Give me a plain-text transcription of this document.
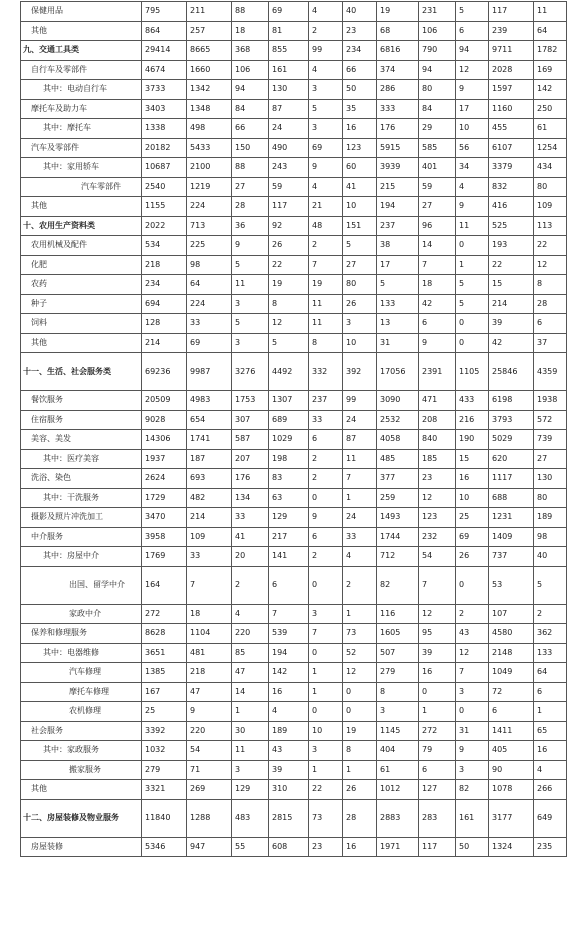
保健用品	795	211	88	69	4	40	19	231	5	117	11
其他	864	257	18	81	2	23	68	106	6	239	64
九、交通工具类	29414	8665	368	855	99	234	6816	790	94	9711	1782
自行车及零部件	4674	1660	106	161	4	66	374	94	12	2028	169
其中：电动自行车	3733	1342	94	130	3	50	286	80	9	1597	142
摩托车及助力车	3403	1348	84	87	5	35	333	84	17	1160	250
其中：摩托车	1338	498	66	24	3	16	176	29	10	455	61
汽车及零部件	20182	5433	150	490	69	123	5915	585	56	6107	1254
其中：家用轿车	10687	2100	88	243	9	60	3939	401	34	3379	434
汽车零部件	2540	1219	27	59	4	41	215	59	4	832	80
其他	1155	224	28	117	21	10	194	27	9	416	109
十、农用生产资料类	2022	713	36	92	48	151	237	96	11	525	113
农用机械及配件	534	225	9	26	2	5	38	14	0	193	22
化肥	218	98	5	22	7	27	17	7	1	22	12
农药	234	64	11	19	19	80	5	18	5	15	8
种子	694	224	3	8	11	26	133	42	5	214	28
饲料	128	33	5	12	11	3	13	6	0	39	6
其他	214	69	3	5	8	10	31	9	0	42	37
十一、生活、社会服务类	69236	9987	3276	4492	332	392	17056	2391	1105	25846	4359
餐饮服务	20509	4983	1753	1307	237	99	3090	471	433	6198	1938
住宿服务	9028	654	307	689	33	24	2532	208	216	3793	572
美容、美发	14306	1741	587	1029	6	87	4058	840	190	5029	739
其中：医疗美容	1937	187	207	198	2	11	485	185	15	620	27
洗浴、染色	2624	693	176	83	2	7	377	23	16	1117	130
其中：干洗服务	1729	482	134	63	0	1	259	12	10	688	80
摄影及照片冲洗加工	3470	214	33	129	9	24	1493	123	25	1231	189
中介服务	3958	109	41	217	6	33	1744	232	69	1409	98
其中：房屋中介	1769	33	20	141	2	4	712	54	26	737	40
出国、留学中介	164	7	2	6	0	2	82	7	0	53	5
家政中介	272	18	4	7	3	1	116	12	2	107	2
保养和修理服务	8628	1104	220	539	7	73	1605	95	43	4580	362
其中：电器维修	3651	481	85	194	0	52	507	39	12	2148	133
汽车修理	1385	218	47	142	1	12	279	16	7	1049	64
摩托车修理	167	47	14	16	1	0	8	0	3	72	6
农机修理	25	9	1	4	0	0	3	1	0	6	1
社会服务	3392	220	30	189	10	19	1145	272	31	1411	65
其中：家政服务	1032	54	11	43	3	8	404	79	9	405	16
搬家服务	279	71	3	39	1	1	61	6	3	90	4
其他	3321	269	129	310	22	26	1012	127	82	1078	266
十二、房屋装修及物业服务	11840	1288	483	2815	73	28	2883	283	161	3177	649
房屋装修	5346	947	55	608	23	16	1971	117	50	1324	235
